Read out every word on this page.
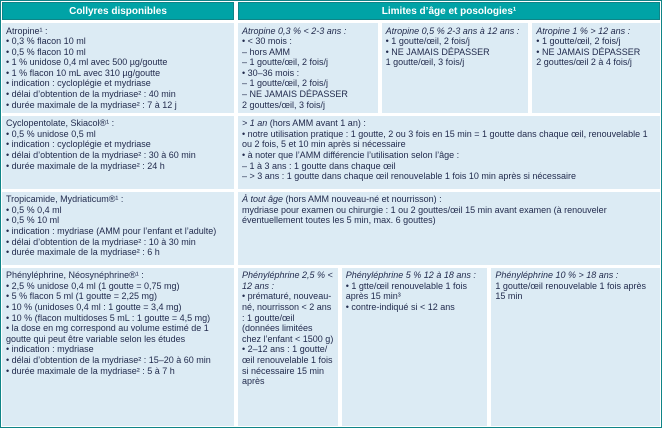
Collyres disponibles	Limites d’âge et posologies¹
Atropine¹ :
• 0,3 % flacon 10 ml
• 0,5 % flacon 10 ml
• 1 % unidose 0,4 ml avec 500 µg/goutte
• 1 % flacon 10 mL avec 310 µg/goutte
• indication : cycloplégie et mydriase
• délai d’obtention de la mydriase² : 40 min
• durée maximale de la mydriase² : 7 à 12 j
Atropine 0,3 % < 2-3 ans :
• < 30 mois :
– hors AMM
– 1 goutte/œil, 2 fois/j
• 30–36 mois :
– 1 goutte/œil, 2 fois/j
– NE JAMAIS DÉPASSER
2 gouttes/œil, 3 fois/j
Atropine 0,5 % 2-3 ans à 12 ans :
• 1 goutte/œil, 2 fois/j
• NE JAMAIS DÉPASSER
1 goutte/œil, 3 fois/j
Atropine 1 % > 12 ans :
• 1 goutte/œil, 2 fois/j
• NE JAMAIS DÉPASSER
2 gouttes/œil 2 à 4 fois/j
Cyclopentolate, Skiacol®¹ :
• 0,5 % unidose 0,5 ml
• indication : cycloplégie et mydriase
• délai d’obtention de la mydriase² : 30 à 60 min
• durée maximale de la mydriase² : 24 h
> 1 an (hors AMM avant 1 an) :
• notre utilisation pratique : 1 goutte, 2 ou 3 fois en 15 min = 1 goutte dans chaque œil, renouvelable 1 ou 2 fois, 5 et 10 min après si nécessaire
• à noter que l’AMM différencie l’utilisation selon l’âge :
– 1 à 3 ans : 1 goutte dans chaque œil
– > 3 ans : 1 goutte dans chaque œil renouvelable 1 fois 10 min après si nécessaire
Tropicamide, Mydriaticum®¹ :
• 0,5 % 0,4 ml
• 0,5 % 10 ml
• indication : mydriase (AMM pour l’enfant et l’adulte)
• délai d’obtention de la mydriase² : 10 à 30 min
• durée maximale de la mydriase² : 6 h
À tout âge (hors AMM nouveau-né et nourrisson) :
mydriase pour examen ou chirurgie : 1 ou 2 gouttes/œil 15 min avant examen (à renouveler éventuellement toutes les 5 min, max. 6 gouttes)
Phényléphrine, Néosynéphrine®¹ :
• 2,5 % unidose 0,4 ml (1 goutte = 0,75 mg)
• 5 % flacon 5 ml (1 goutte = 2,25 mg)
• 10 % (unidoses 0,4 ml : 1 goutte = 3,4 mg)
• 10 % (flacon multidoses 5 mL : 1 goutte = 4,5 mg)
• la dose en mg correspond au volume estimé de 1 goutte qui peut être variable selon les études
• indication : mydriase
• délai d’obtention de la mydriase² : 15–20 à 60 min
• durée maximale de la mydriase² : 5 à 7 h
Phényléphrine 2,5 % < 12 ans :
• prématuré, nouveau-né, nourrisson < 2 ans : 1 goutte/œil (données limitées chez l’enfant < 1500 g)
• 2–12 ans : 1 goutte/œil renouvelable 1 fois si nécessaire 15 min après
Phényléphrine 5 % 12 à 18 ans :
• 1 gtte/œil renouvelable 1 fois après 15 min³
• contre-indiqué si < 12 ans
Phényléphrine 10 % > 18 ans :
1 goutte/œil renouvelable 1 fois après 15 min
